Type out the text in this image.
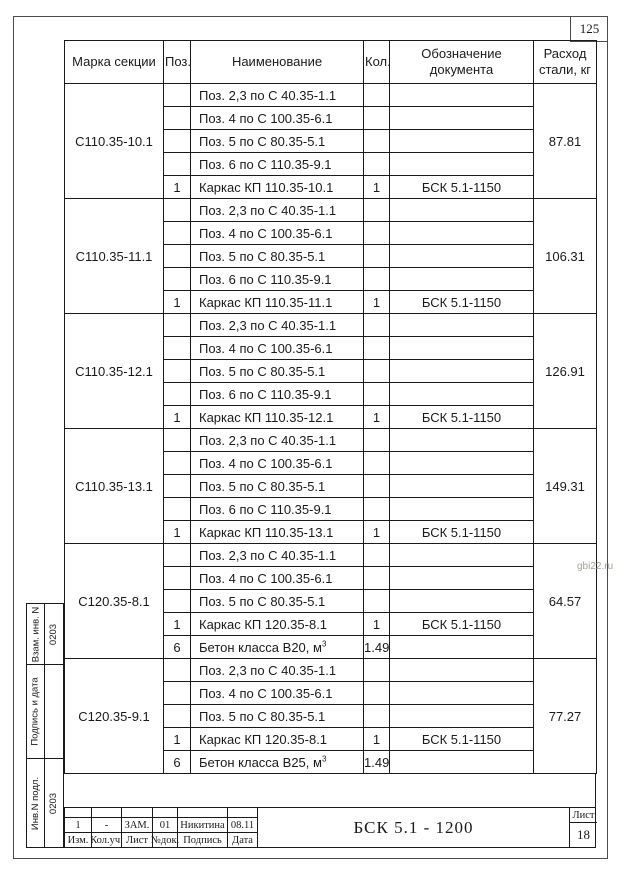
125
Марка секции	Поз.	Наименование	Кол.	Обозначение документа	Расход стали, кг
С110.35-10.1		Поз. 2,3 по С 40.35-1.1			87.81
		Поз. 4 по С 100.35-6.1			
		Поз. 5 по С 80.35-5.1			
		Поз. 6 по С 110.35-9.1			
	1	Каркас КП 110.35-10.1	1	БСК 5.1-1150	
С110.35-11.1		Поз. 2,3 по С 40.35-1.1			106.31
		Поз. 4 по С 100.35-6.1			
		Поз. 5 по С 80.35-5.1			
		Поз. 6 по С 110.35-9.1			
	1	Каркас КП 110.35-11.1	1	БСК 5.1-1150	
С110.35-12.1		Поз. 2,3 по С 40.35-1.1			126.91
		Поз. 4 по С 100.35-6.1			
		Поз. 5 по С 80.35-5.1			
		Поз. 6 по С 110.35-9.1			
	1	Каркас КП 110.35-12.1	1	БСК 5.1-1150	
С110.35-13.1		Поз. 2,3 по С 40.35-1.1			149.31
		Поз. 4 по С 100.35-6.1			
		Поз. 5 по С 80.35-5.1			
		Поз. 6 по С 110.35-9.1			
	1	Каркас КП 110.35-13.1	1	БСК 5.1-1150	
С120.35-8.1		Поз. 2,3 по С 40.35-1.1			64.57
		Поз. 4 по С 100.35-6.1			
		Поз. 5 по С 80.35-5.1			
	1	Каркас КП 120.35-8.1	1	БСК 5.1-1150	
	6	Бетон класса В20, $м^3$	1.49		
С120.35-9.1		Поз. 2,3 по С 40.35-1.1			77.27
		Поз. 4 по С 100.35-6.1			
		Поз. 5 по С 80.35-5.1			
	1	Каркас КП 120.35-8.1	1	БСК 5.1-1150	
	6	Бетон класса В25, $м^3$	1.49		
Взам. инв. N 0203
Подпись и дата
Инв.N подл. 0203
1	-	ЗАМ. 01 Никитина 08.11
Изм. Кол.уч. Лист №док. Подпись Дата
БСК 5.1 - 1200
Лист
18
gbi22.ru
